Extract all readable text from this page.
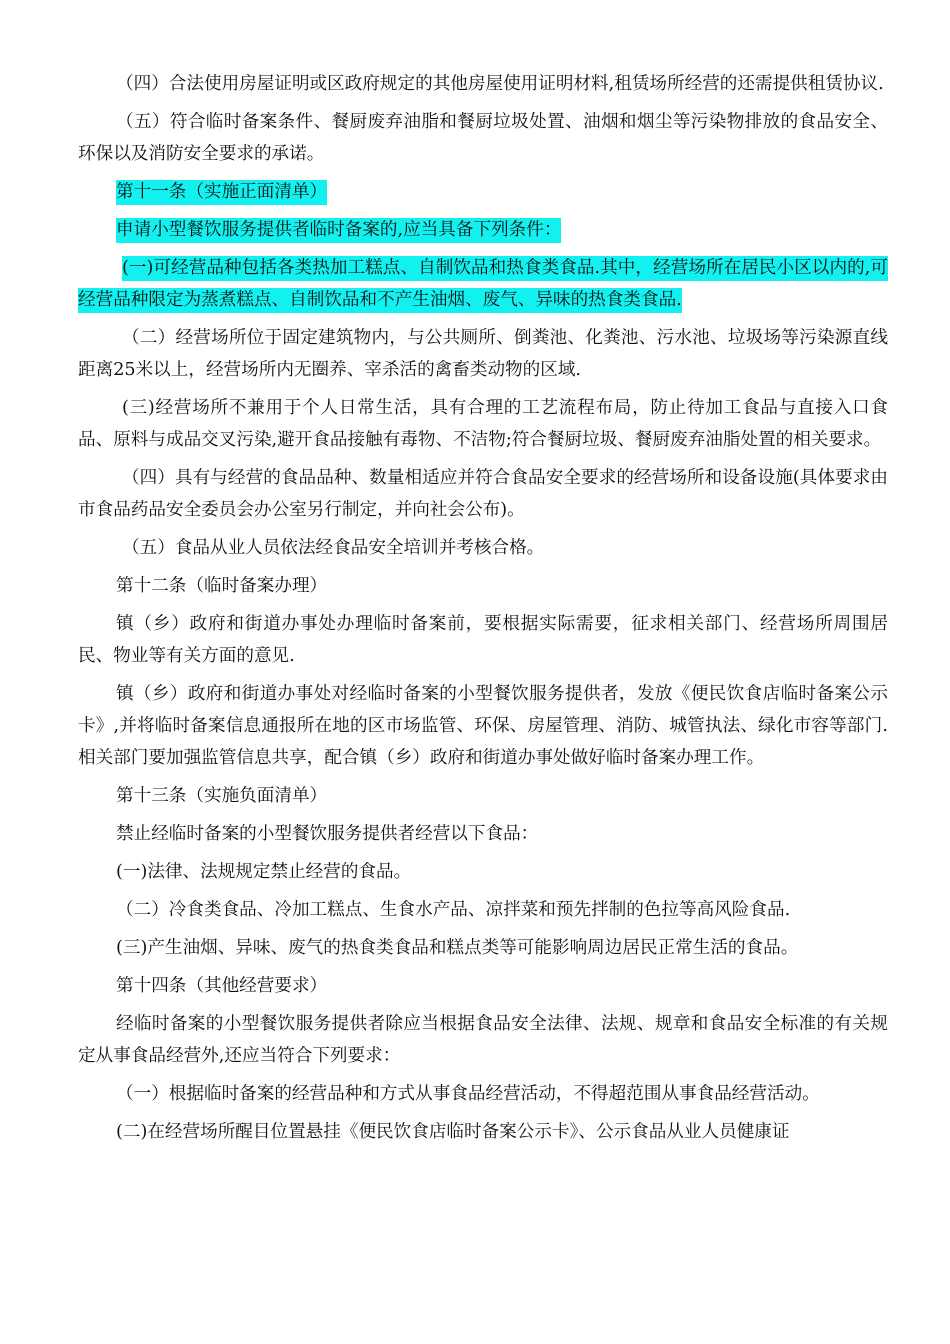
（四）合法使用房屋证明或区政府规定的其他房屋使用证明材料,租赁场所经营的还需提供租赁协议.

（五）符合临时备案条件、餐厨废弃油脂和餐厨垃圾处置、油烟和烟尘等污染物排放的食品安全、环保以及消防安全要求的承诺。

第十一条（实施正面清单）

申请小型餐饮服务提供者临时备案的,应当具备下列条件：

(一)可经营品种包括各类热加工糕点、自制饮品和热食类食品.其中，经营场所在居民小区以内的,可经营品种限定为蒸煮糕点、自制饮品和不产生油烟、废气、异味的热食类食品.

（二）经营场所位于固定建筑物内，与公共厕所、倒粪池、化粪池、污水池、垃圾场等污染源直线距离25米以上，经营场所内无圈养、宰杀活的禽畜类动物的区域.

(三)经营场所不兼用于个人日常生活，具有合理的工艺流程布局，防止待加工食品与直接入口食品、原料与成品交叉污染,避开食品接触有毒物、不洁物;符合餐厨垃圾、餐厨废弃油脂处置的相关要求。

（四）具有与经营的食品品种、数量相适应并符合食品安全要求的经营场所和设备设施(具体要求由市食品药品安全委员会办公室另行制定，并向社会公布)。

（五）食品从业人员依法经食品安全培训并考核合格。

第十二条（临时备案办理）

镇（乡）政府和街道办事处办理临时备案前，要根据实际需要，征求相关部门、经营场所周围居民、物业等有关方面的意见.

镇（乡）政府和街道办事处对经临时备案的小型餐饮服务提供者，发放《便民饮食店临时备案公示卡》,并将临时备案信息通报所在地的区市场监管、环保、房屋管理、消防、城管执法、绿化市容等部门.相关部门要加强监管信息共享，配合镇（乡）政府和街道办事处做好临时备案办理工作。

第十三条（实施负面清单）

禁止经临时备案的小型餐饮服务提供者经营以下食品：

(一)法律、法规规定禁止经营的食品。

（二）冷食类食品、冷加工糕点、生食水产品、凉拌菜和预先拌制的色拉等高风险食品.

(三)产生油烟、异味、废气的热食类食品和糕点类等可能影响周边居民正常生活的食品。

第十四条（其他经营要求）

经临时备案的小型餐饮服务提供者除应当根据食品安全法律、法规、规章和食品安全标准的有关规定从事食品经营外,还应当符合下列要求：

（一）根据临时备案的经营品种和方式从事食品经营活动，不得超范围从事食品经营活动。

(二)在经营场所醒目位置悬挂《便民饮食店临时备案公示卡》、公示食品从业人员健康证
